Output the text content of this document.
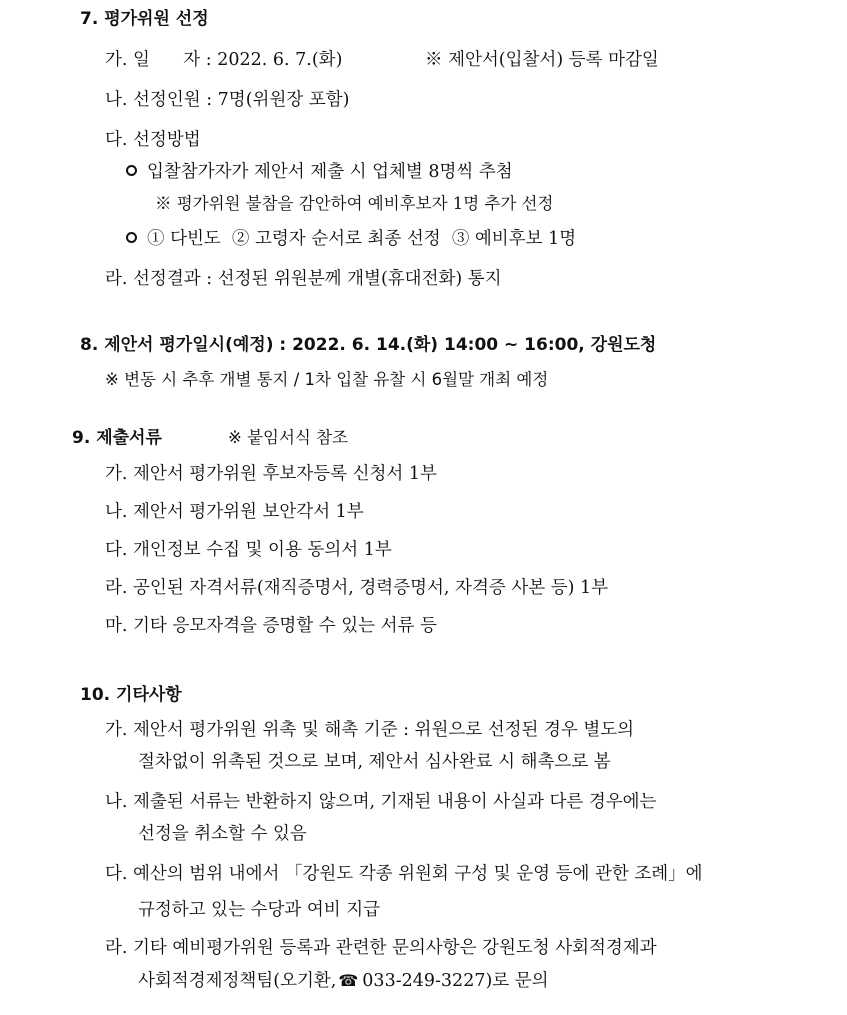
7. 평가위원 선정
가. 일      자 : 2022. 6. 7.(화)	※ 제안서(입찰서) 등록 마감일
나. 선정인원 : 7명(위원장 포함)
다. 선정방법
입찰참가자가 제안서 제출 시 업체별 8명씩 추첨
※ 평가위원 불참을 감안하여 예비후보자 1명 추가 선정
① 다빈도  ② 고령자 순서로 최종 선정  ③ 예비후보 1명
라. 선정결과 : 선정된 위원분께 개별(휴대전화) 통지
8. 제안서 평가일시(예정) : 2022. 6. 14.(화) 14:00 ~ 16:00, 강원도청
※ 변동 시 추후 개별 통지 / 1차 입찰 유찰 시 6월말 개최 예정
9. 제출서류	※ 붙임서식 참조
가. 제안서 평가위원 후보자등록 신청서 1부
나. 제안서 평가위원 보안각서 1부
다. 개인정보 수집 및 이용 동의서 1부
라. 공인된 자격서류(재직증명서, 경력증명서, 자격증 사본 등) 1부
마. 기타 응모자격을 증명할 수 있는 서류 등
10. 기타사항
가. 제안서 평가위원 위촉 및 해촉 기준 : 위원으로 선정된 경우 별도의
절차없이 위촉된 것으로 보며, 제안서 심사완료 시 해촉으로 봄
나. 제출된 서류는 반환하지 않으며, 기재된 내용이 사실과 다른 경우에는
선정을 취소할 수 있음
다. 예산의 범위 내에서 「강원도 각종 위원회 구성 및 운영 등에 관한 조례」에
규정하고 있는 수당과 여비 지급
라. 기타 예비평가위원 등록과 관련한 문의사항은 강원도청 사회적경제과
사회적경제정책팀(오기환, ☎ 033-249-3227)로 문의
